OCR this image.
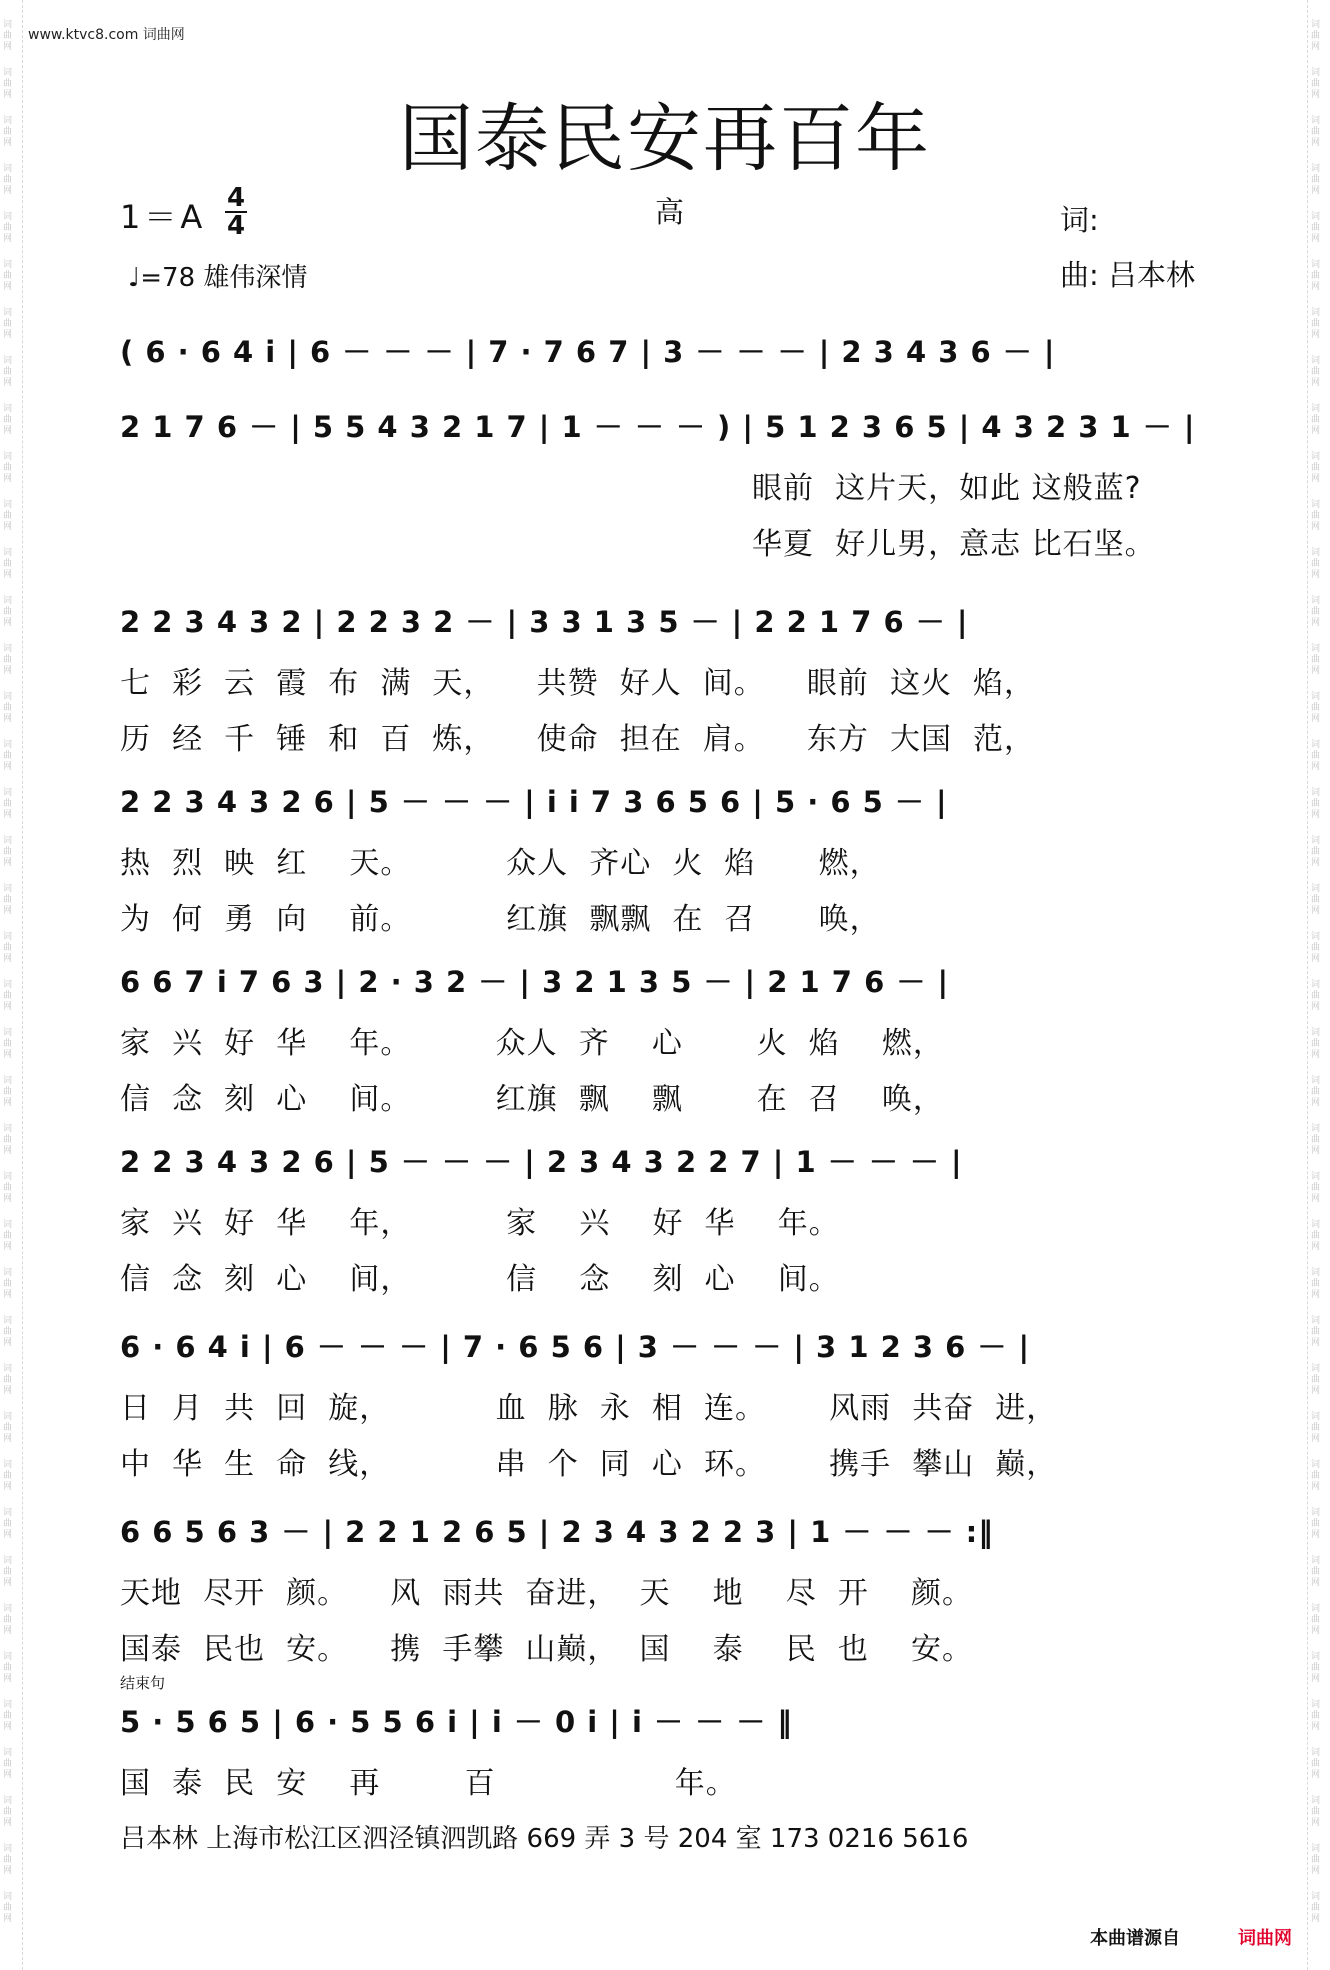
词曲网
词曲网
词曲网
词曲网
词曲网
词曲网
词曲网
词曲网
词曲网
词曲网
词曲网
词曲网
词曲网
词曲网
词曲网
词曲网
词曲网
词曲网
词曲网
词曲网
词曲网
词曲网
词曲网
词曲网
词曲网
词曲网
词曲网
词曲网
词曲网
词曲网
词曲网
词曲网
词曲网
词曲网
词曲网
词曲网
词曲网
词曲网
词曲网
词曲网
词曲网
词曲网
词曲网
词曲网
词曲网
词曲网
词曲网
词曲网
词曲网
词曲网
词曲网
词曲网
词曲网
词曲网
词曲网
词曲网
词曲网
词曲网
词曲网
词曲网
词曲网
词曲网
词曲网
词曲网
词曲网
词曲网
词曲网
词曲网
词曲网
词曲网
词曲网
词曲网
词曲网
词曲网
词曲网
词曲网
词曲网
词曲网
词曲网
词曲网
www.ktvc8.com 词曲网
国泰民安再百年
1＝A 4
4	高	词:
♩=78 雄伟深情	曲: 吕本林
( 6 · 6 4 i | 6 － － － | 7 · 7 6 7 | 3 － － － | 2 3 4 3 6 － |
2 1 7 6 － | 5 5 4 3 2 1 7 | 1 － － － ) | 5 1 2 3 6 5 | 4 3 2 3 1 － |
眼前  这片天，如此 这般蓝?
华夏  好儿男，意志 比石坚。
2 2 3 4 3 2 | 2 2 3 2 － | 3 3 1 3 5 － | 2 2 1 7 6 － |
七  彩  云  霞  布  满  天，    共赞  好人  间。    眼前  这火  焰，
历  经  千  锤  和  百  炼，    使命  担在  肩。    东方  大国  范，
2 2 3 4 3 2 6 | 5 － － － | i i 7 3 6 5 6 | 5 · 6 5 － |
热  烈  映  红    天。         众人  齐心  火  焰      燃，
为  何  勇  向    前。         红旗  飘飘  在  召      唤，
6 6 7 i 7 6 3 | 2 · 3 2 － | 3 2 1 3 5 － | 2 1 7 6 － |
家  兴  好  华    年。        众人  齐    心       火  焰    燃，
信  念  刻  心    间。        红旗  飘    飘       在  召    唤，
2 2 3 4 3 2 6 | 5 － － － | 2 3 4 3 2 2 7 | 1 － － － |
家  兴  好  华    年，         家    兴    好  华    年。
信  念  刻  心    间，         信    念    刻  心    间。
6 · 6 4 i | 6 － － － | 7 · 6 5 6 | 3 － － － | 3 1 2 3 6 － |
日  月  共  回  旋，          血  脉  永  相  连。      风雨  共奋  进，
中  华  生  命  线，          串  个  同  心  环。      携手  攀山  巅，
6 6 5 6 3 － | 2 2 1 2 6 5 | 2 3 4 3 2 2 3 | 1 － － － :‖
天地  尽开  颜。    风  雨共  奋进，  天    地    尽  开    颜。
国泰  民也  安。    携  手攀  山巅，  国    泰    民  也    安。
结束句
5 · 5 6 5 | 6 · 5 5 6 i | i － 0 i | i － － － ‖
国  泰  民  安    再        百                 年。
吕本林 上海市松江区泗泾镇泗凯路 669 弄 3 号 204 室 173 0216 5616
本曲谱源自	词曲网
